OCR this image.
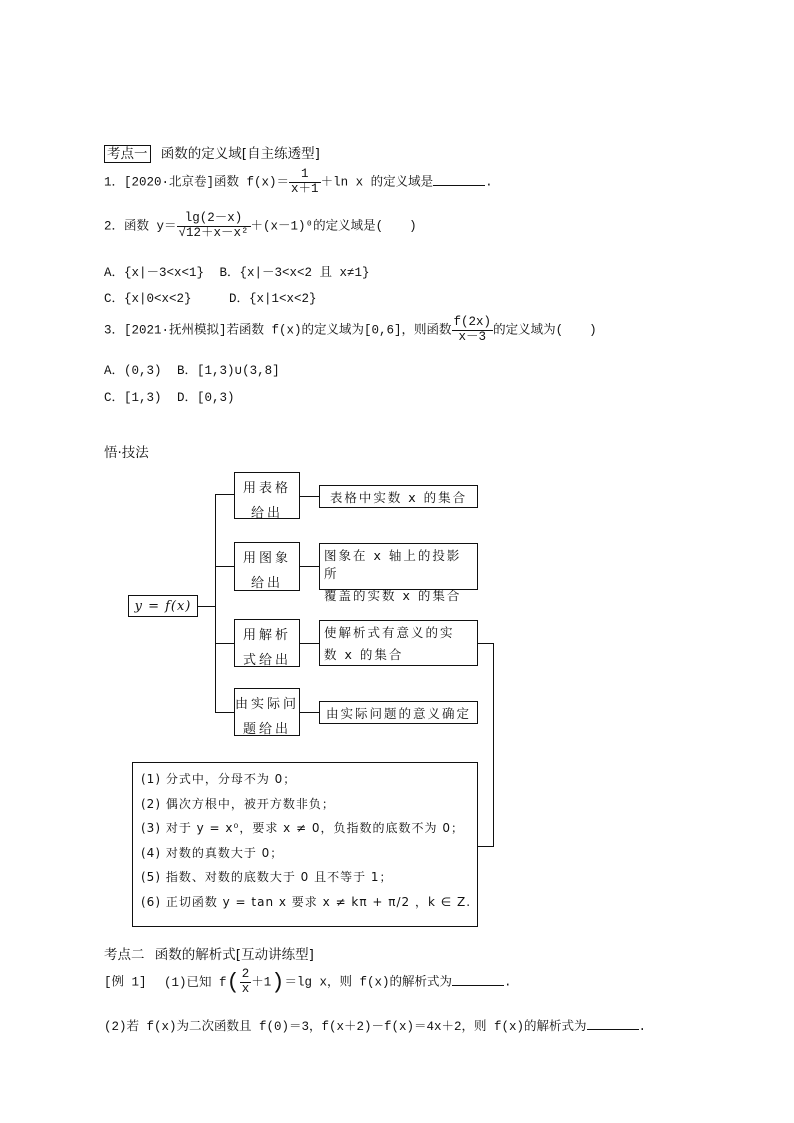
考点一 函数的定义域[自主练透型]
1．[2020·北京卷]函数 $f(x)= \frac{1}{x+1} +\ln$ x 的定义域是	.
2．函数 $y= \frac{\lg(2-x)}{\text{√12＋x－x²}} +(x-1)^0$的定义域是( )
A．{x|－3<x<1} B．{x|－3<x<2 且 x≠1}
C．{x|0<x<2}	D．{x|1<x<2}
3．[2021·抚州模拟]若函数 f(x)的定义域为[0,6]，则函数 $\frac{f(2x)}{x-3}$ 的定义域为( )
A．(0,3) B．[1,3)∪(3,8]
C．[1,3) D．[0,3)
悟·技法
y = f(x)
用表格
给出
用图象
给出
用解析
式给出
由实际问
题给出
表格中实数 x 的集合
图象在 x 轴上的投影所
覆盖的实数 x 的集合
使解析式有意义的实
数 x 的集合
由实际问题的意义确定
(1) 分式中，分母不为 0；
(2) 偶次方根中，被开方数非负；
(3) 对于 y = x⁰，要求 x ≠ 0，负指数的底数不为 0；
(4) 对数的真数大于 0；
(5) 指数、对数的底数大于 0 且不等于 1；
(6) 正切函数 y = tan x 要求 x ≠ kπ + π/2 ，k ∈ Z.
考点二 函数的解析式[互动讲练型]
[例 1] (1)已知 $f( \frac{2}{x} +1)=\lg$ x，则 f(x)的解析式为	.
(2)若 f(x)为二次函数且 f(0)＝3，f(x＋2)－f(x)＝4x＋2，则 f(x)的解析式为	.
